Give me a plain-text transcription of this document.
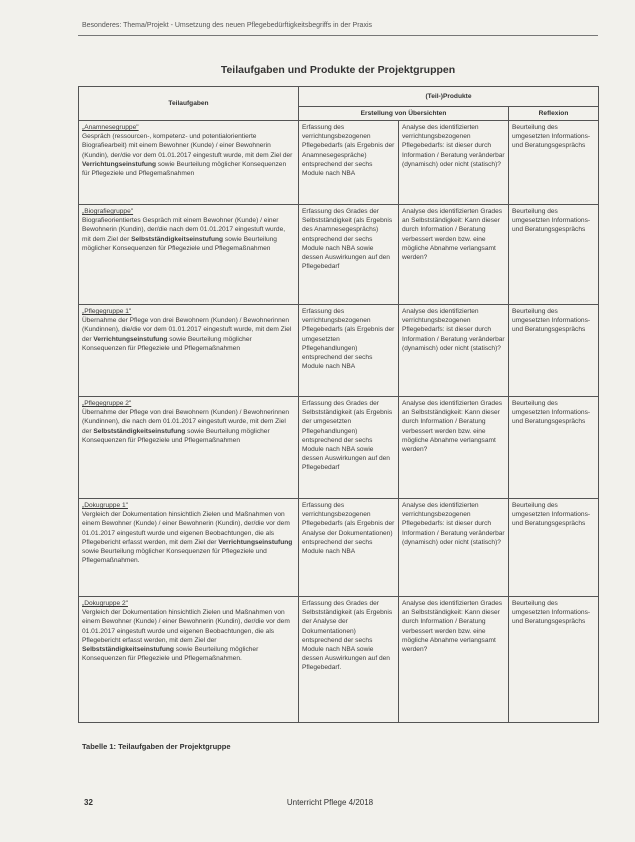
Besonderes: Thema/Projekt - Umsetzung des neuen Pflegebedürftigkeitsbegriffs in der Praxis
Teilaufgaben und Produkte der Projektgruppen
Teilaufgaben	(Teil-)Produkte		
	Erstellung von Übersichten		Reflexion

„Anamnesegruppe"
Gespräch (ressourcen-, kompetenz- und potentialorientierte Biografiearbeit) mit einem Bewohner (Kunde) / einer Bewohnerin (Kundin), der/die vor dem 01.01.2017 eingestuft wurde, mit dem Ziel der Verrichtungseinstufung sowie Beurteilung möglicher Konsequenzen für Pflegeziele und Pflegemaßnahmen	Erfassung des verrichtungsbezogenen Pflegebedarfs (als Ergebnis der Anamnesegespräche) entsprechend der sechs Module nach NBA	Analyse des identifizierten verrichtungsbezogenen Pflegebedarfs: ist dieser durch Information / Beratung veränderbar (dynamisch) oder nicht (statisch)?	Beurteilung des umgesetzten Informations- und Beratungsgesprächs

„Biografiegruppe"
Biografieorientiertes Gespräch mit einem Bewohner (Kunde) / einer Bewohnerin (Kundin), der/die nach dem 01.01.2017 eingestuft wurde, mit dem Ziel der Selbstständigkeitseinstufung sowie Beurteilung möglicher Konsequenzen für Pflegeziele und Pflegemaßnahmen	Erfassung des Grades der Selbstständigkeit (als Ergebnis des Anamnesegesprächs) entsprechend der sechs Module nach NBA sowie dessen Auswirkungen auf den Pflegebedarf	Analyse des identifizierten Grades an Selbstständigkeit: Kann dieser durch Information / Beratung verbessert werden bzw. eine mögliche Abnahme verlangsamt werden?	Beurteilung des umgesetzten Informations- und Beratungsgesprächs

„Pflegegruppe 1"
Übernahme der Pflege von drei Bewohnern (Kunden) / Bewohnerinnen (Kundinnen), die/die vor dem 01.01.2017 eingestuft wurde, mit dem Ziel der Verrichtungseinstufung sowie Beurteilung möglicher Konsequenzen für Pflegeziele und Pflegemaßnahmen	Erfassung des verrichtungsbezogenen Pflegebedarfs (als Ergebnis der umgesetzten Pflegehandlungen) entsprechend der sechs Module nach NBA	Analyse des identifizierten verrichtungsbezogenen Pflegebedarfs: ist dieser durch Information / Beratung veränderbar (dynamisch) oder nicht (statisch)?	Beurteilung des umgesetzten Informations- und Beratungsgesprächs

„Pflegegruppe 2"
Übernahme der Pflege von drei Bewohnern (Kunden) / Bewohnerinnen (Kundinnen), die nach dem 01.01.2017 eingestuft wurde, mit dem Ziel der Selbstständigkeitseinstufung sowie Beurteilung möglicher Konsequenzen für Pflegeziele und Pflegemaßnahmen	Erfassung des Grades der Selbstständigkeit (als Ergebnis der umgesetzten Pflegehandlungen) entsprechend der sechs Module nach NBA sowie dessen Auswirkungen auf den Pflegebedarf	Analyse des identifizierten Grades an Selbstständigkeit: Kann dieser durch Information / Beratung verbessert werden bzw. eine mögliche Abnahme verlangsamt werden?	Beurteilung des umgesetzten Informations- und Beratungsgesprächs

„Dokugruppe 1"
Vergleich der Dokumentation hinsichtlich Zielen und Maßnahmen von einem Bewohner (Kunde) / einer Bewohnerin (Kundin), der/die vor dem 01.01.2017 eingestuft wurde und eigenen Beobachtungen, die als Pflegebericht erfasst werden, mit dem Ziel der Verrichtungseinstufung sowie Beurteilung möglicher Konsequenzen für Pflegeziele und Pflegemaßnahmen.	Erfassung des verrichtungsbezogenen Pflegebedarfs (als Ergebnis der Analyse der Dokumentationen) entsprechend der sechs Module nach NBA	Analyse des identifizierten verrichtungsbezogenen Pflegebedarfs: ist dieser durch Information / Beratung veränderbar (dynamisch) oder nicht (statisch)?	Beurteilung des umgesetzten Informations- und Beratungsgesprächs

„Dokugruppe 2"
Vergleich der Dokumentation hinsichtlich Zielen und Maßnahmen von einem Bewohner (Kunde) / einer Bewohnerin (Kundin), der/die vor dem 01.01.2017 eingestuft wurde und eigenen Beobachtungen, die als Pflegebericht erfasst werden, mit dem Ziel der Selbstständigkeitseinstufung sowie Beurteilung möglicher Konsequenzen für Pflegeziele und Pflegemaßnahmen.	Erfassung des Grades der Selbstständigkeit (als Ergebnis der Analyse der Dokumentationen) entsprechend der sechs Module nach NBA sowie dessen Auswirkungen auf den Pflegebedarf.	Analyse des identifizierten Grades an Selbstständigkeit: Kann dieser durch Information / Beratung verbessert werden bzw. eine mögliche Abnahme verlangsamt werden?	Beurteilung des umgesetzten Informations- und Beratungsgesprächs
Tabelle 1: Teilaufgaben der Projektgruppe
32	Unterricht Pflege 4/2018
